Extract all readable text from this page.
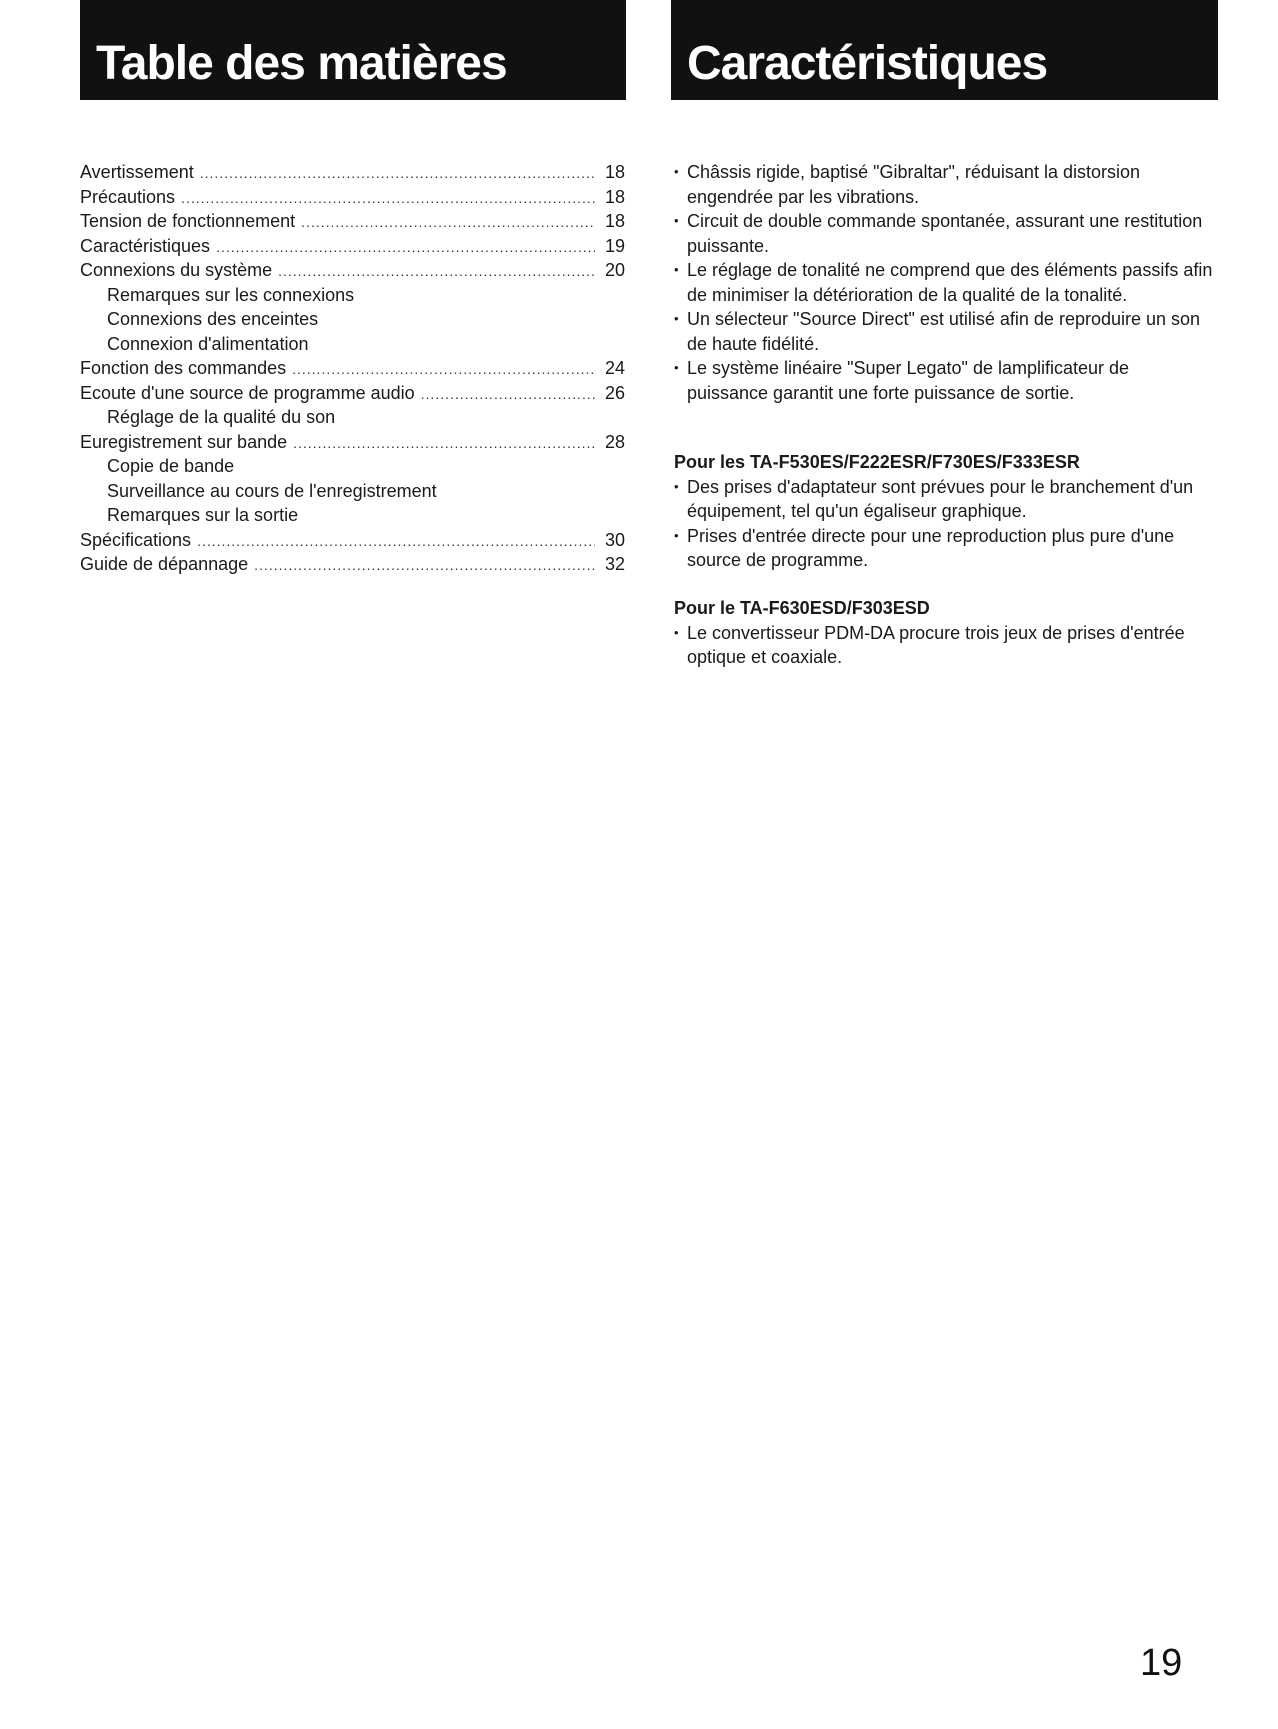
Table des matières	Caractéristiques
Avertissement .....	18
Précautions .....	18
Tension de fonctionnement .....	18
Caractéristiques .....	19
Connexions du système .....	20
Remarques sur les connexions
Connexions des enceintes
Connexion d'alimentation
Fonction des commandes .....	24
Ecoute d'une source de programme audio .....	26
Réglage de la qualité du son
Euregistrement sur bande .....	28
Copie de bande
Surveillance au cours de l'enregistrement
Remarques sur la sortie
Spécifications .....	30
Guide de dépannage .....	32
• Châssis rigide, baptisé "Gibraltar", réduisant la distorsion engendrée par les vibrations.
• Circuit de double commande spontanée, assurant une restitution puissante.
• Le réglage de tonalité ne comprend que des éléments passifs afin de minimiser la détérioration de la qualité de la tonalité.
• Un sélecteur "Source Direct" est utilisé afin de reproduire un son de haute fidélité.
• Le système linéaire "Super Legato" de lamplificateur de puissance garantit une forte puissance de sortie.
Pour les TA-F530ES/F222ESR/F730ES/F333ESR
• Des prises d'adaptateur sont prévues pour le branchement d'un équipement, tel qu'un égaliseur graphique.
• Prises d'entrée directe pour une reproduction plus pure d'une source de programme.
Pour le TA-F630ESD/F303ESD
• Le convertisseur PDM-DA procure trois jeux de prises d'entrée optique et coaxiale.
19
